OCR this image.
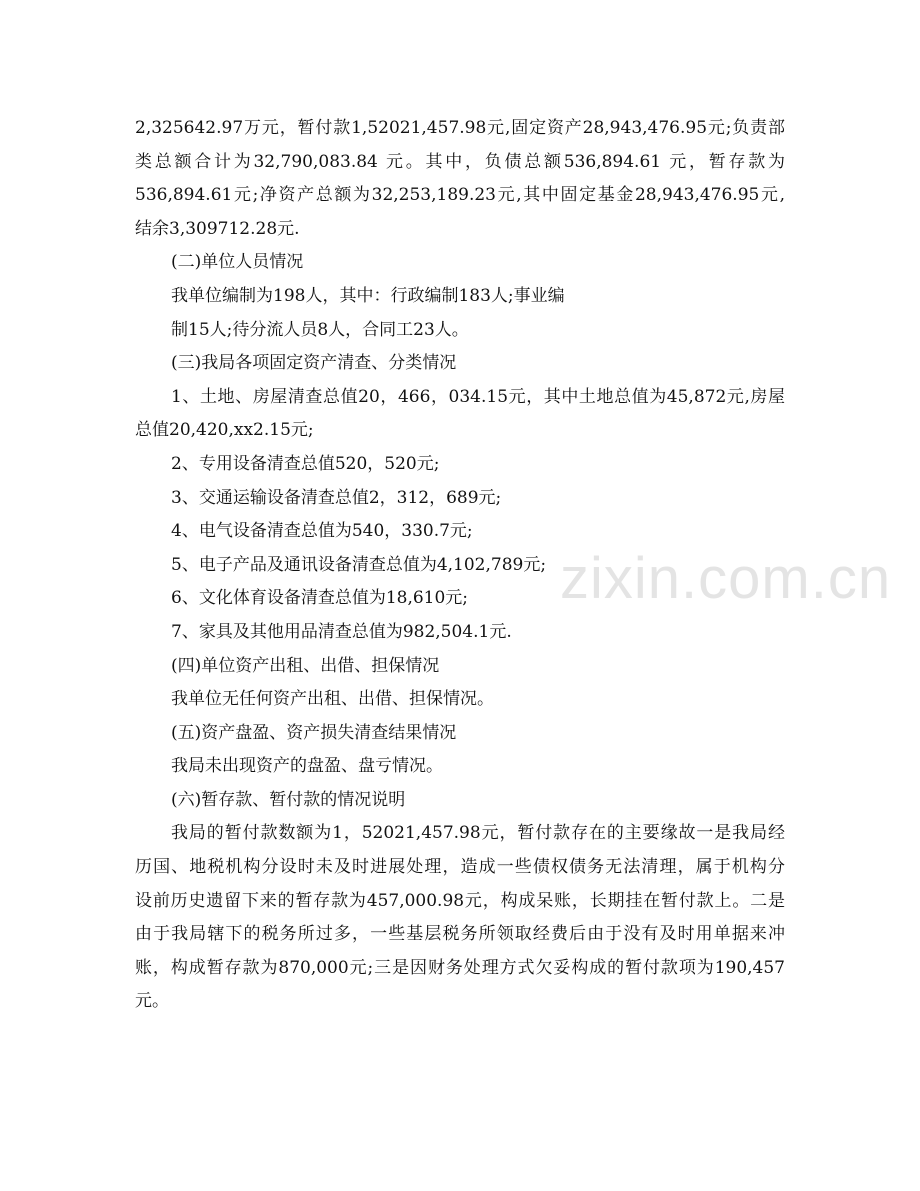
2,325642.97万元，暂付款1,52021,457.98元,固定资产28,943,476.95元;负责部
类总额合计为32,790,083.84 元。其中，负债总额536,894.61 元，暂存款为
536,894.61元;净资产总额为32,253,189.23元,其中固定基金28,943,476.95元,
结余3,309712.28元.
(二)单位人员情况
我单位编制为198人，其中：行政编制183人;事业编
制15人;待分流人员8人，合同工23人。
(三)我局各项固定资产清查、分类情况
1、土地、房屋清查总值20，466，034.15元，其中土地总值为45,872元,房屋
总值20,420,xx2.15元;
2、专用设备清查总值520，520元;
3、交通运输设备清查总值2，312，689元;
4、电气设备清查总值为540，330.7元;
5、电子产品及通讯设备清查总值为4,102,789元;
6、文化体育设备清查总值为18,610元;
7、家具及其他用品清查总值为982,504.1元.
(四)单位资产出租、出借、担保情况
我单位无任何资产出租、出借、担保情况。
(五)资产盘盈、资产损失清查结果情况
我局未出现资产的盘盈、盘亏情况。
(六)暂存款、暂付款的情况说明
我局的暂付款数额为1，52021,457.98元，暂付款存在的主要缘故一是我局经
历国、地税机构分设时未及时进展处理，造成一些债权债务无法清理，属于机构分
设前历史遗留下来的暂存款为457,000.98元，构成呆账，长期挂在暂付款上。二是
由于我局辖下的税务所过多，一些基层税务所领取经费后由于没有及时用单据来冲
账，构成暂存款为870,000元;三是因财务处理方式欠妥构成的暂付款项为190,457
元。
zixin.com.cn
